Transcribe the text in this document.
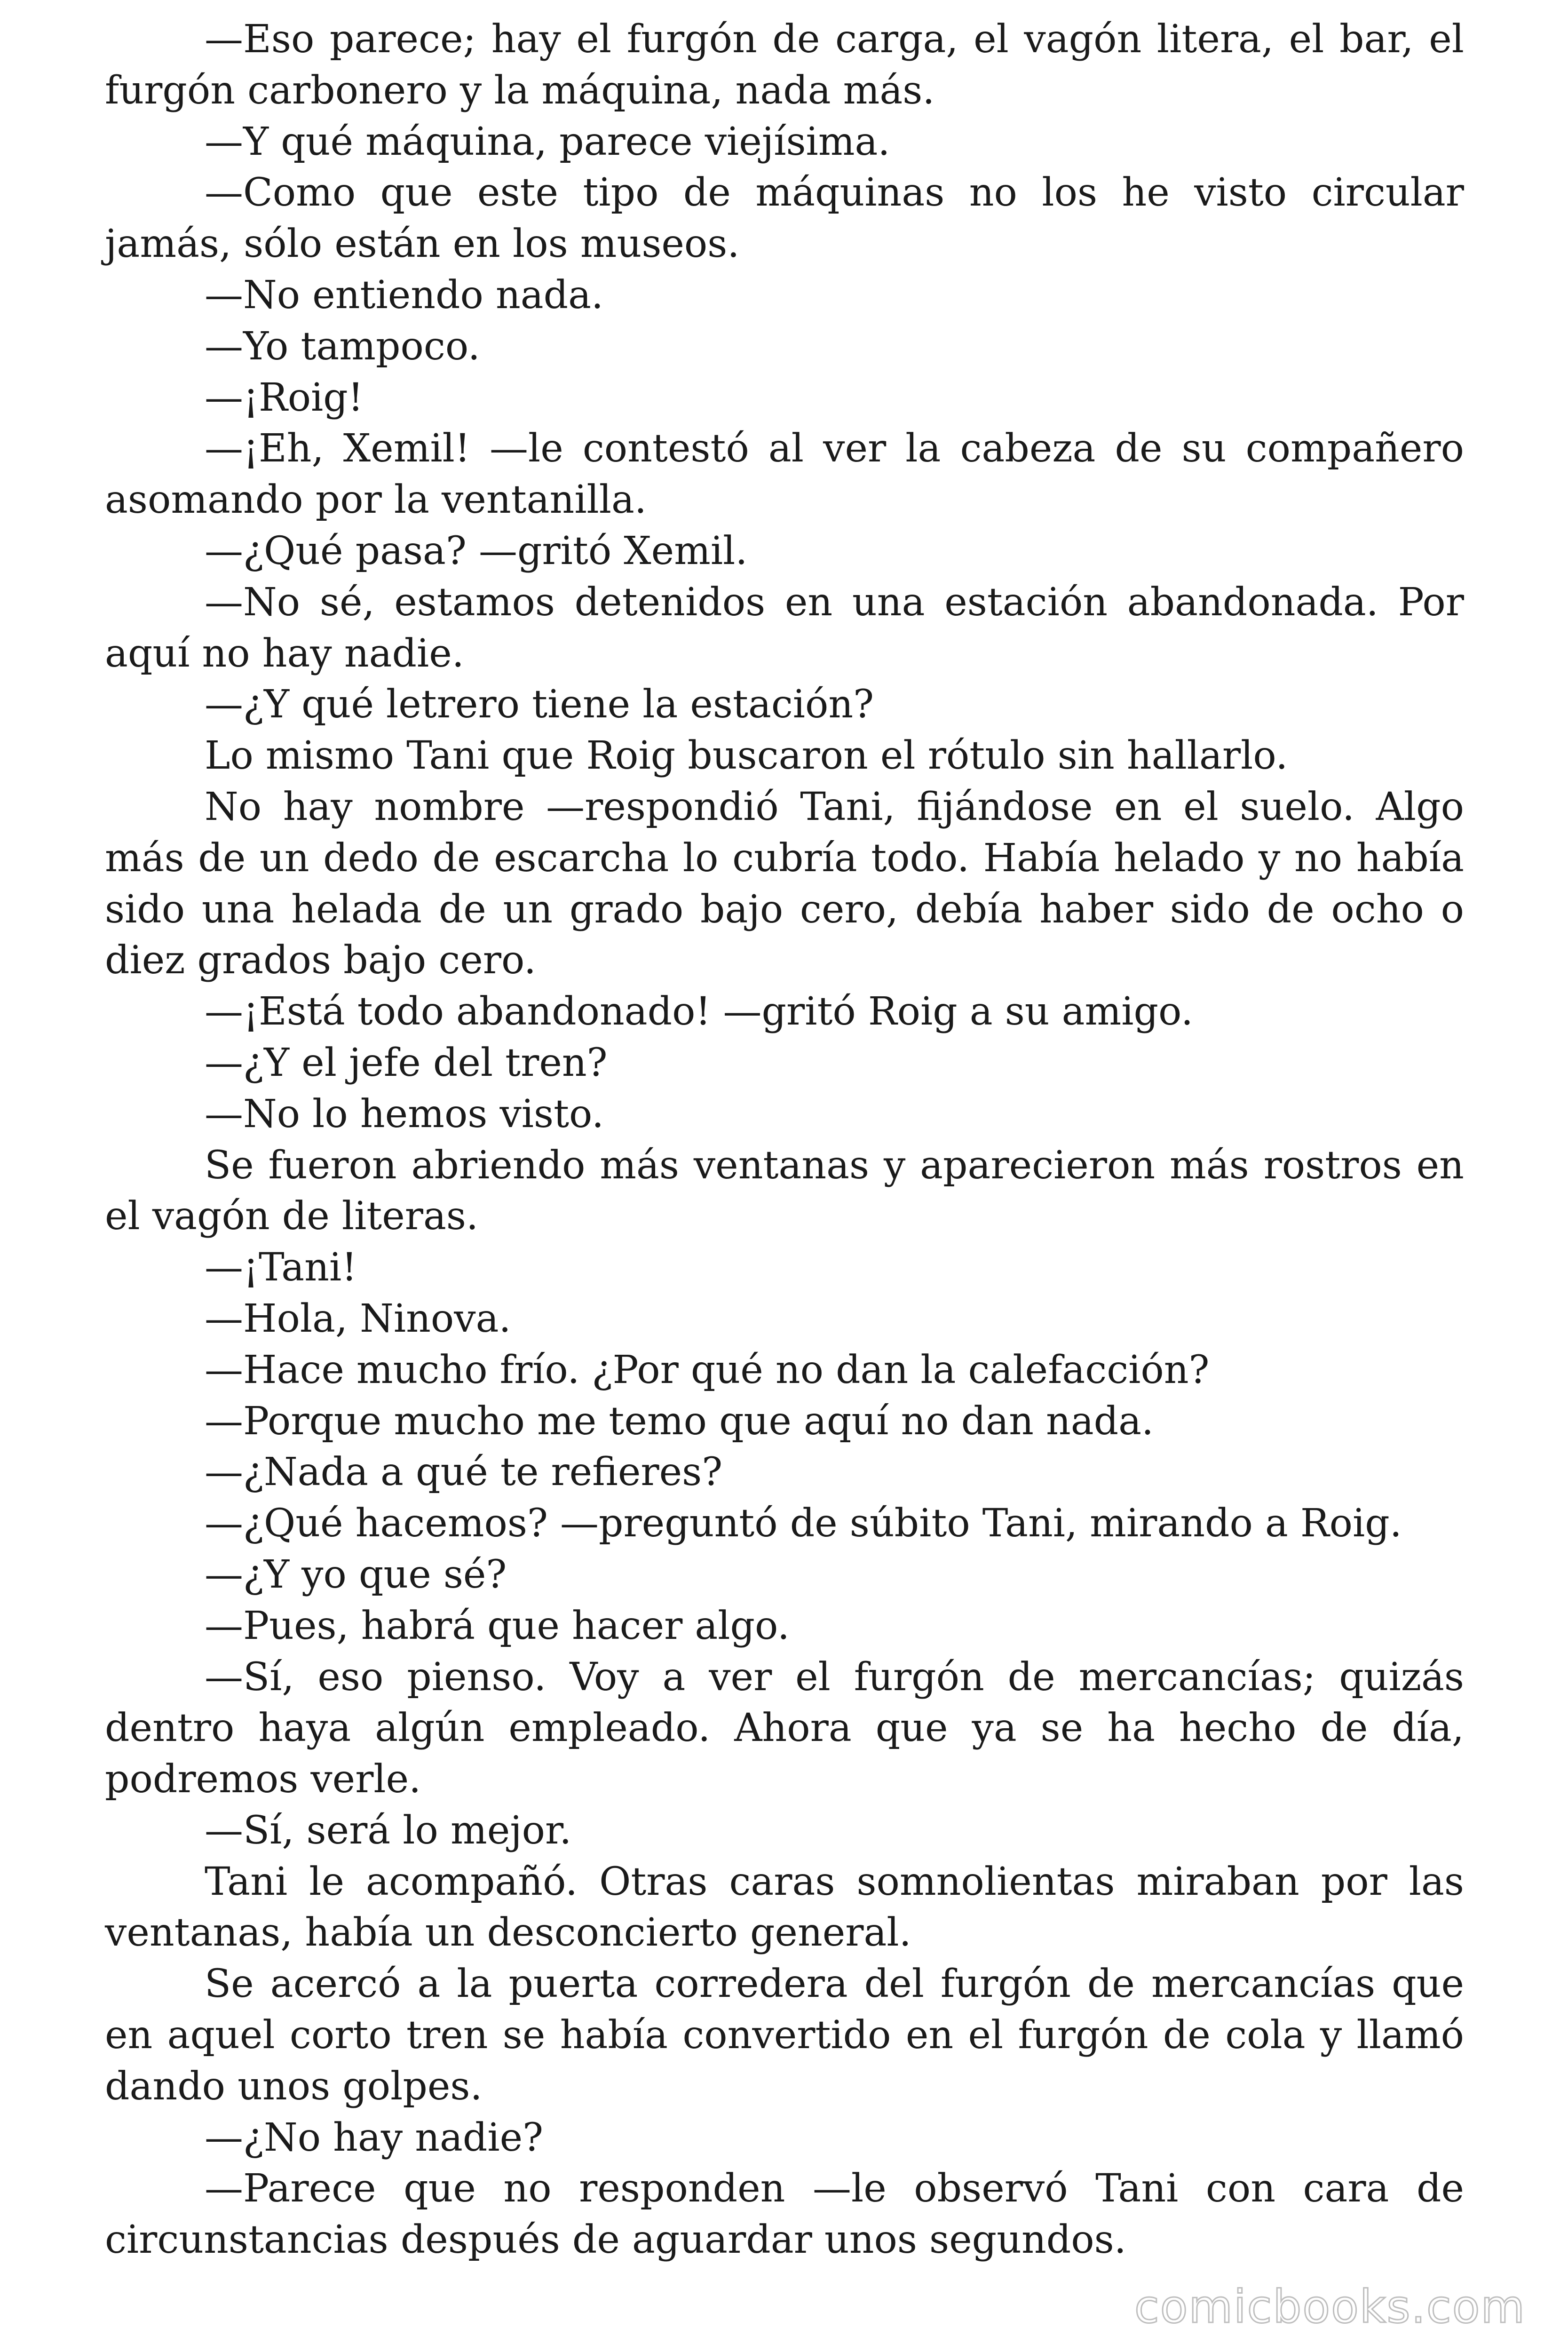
—Eso parece; hay el furgón de carga, el vagón litera, el bar, el furgón carbonero y la máquina, nada más.

—Y qué máquina, parece viejísima.

—Como que este tipo de máquinas no los he visto circular jamás, sólo están en los museos.

—No entiendo nada.

—Yo tampoco.

—¡Roig!

—¡Eh, Xemil! —le contestó al ver la cabeza de su compañero asomando por la ventanilla.

—¿Qué pasa? —gritó Xemil.

—No sé, estamos detenidos en una estación abandonada. Por aquí no hay nadie.

—¿Y qué letrero tiene la estación?

Lo mismo Tani que Roig buscaron el rótulo sin hallarlo.

No hay nombre —respondió Tani, fijándose en el suelo. Algo más de un dedo de escarcha lo cubría todo. Había helado y no había sido una helada de un grado bajo cero, debía haber sido de ocho o diez grados bajo cero.

—¡Está todo abandonado! —gritó Roig a su amigo.

—¿Y el jefe del tren?

—No lo hemos visto.

Se fueron abriendo más ventanas y aparecieron más rostros en el vagón de literas.

—¡Tani!

—Hola, Ninova.

—Hace mucho frío. ¿Por qué no dan la calefacción?

—Porque mucho me temo que aquí no dan nada.

—¿Nada a qué te refieres?

—¿Qué hacemos? —preguntó de súbito Tani, mirando a Roig.

—¿Y yo que sé?

—Pues, habrá que hacer algo.

—Sí, eso pienso. Voy a ver el furgón de mercancías; quizás dentro haya algún empleado. Ahora que ya se ha hecho de día, podremos verle.

—Sí, será lo mejor.

Tani le acompañó. Otras caras somnolientas miraban por las ventanas, había un desconcierto general.

Se acercó a la puerta corredera del furgón de mercancías que en aquel corto tren se había convertido en el furgón de cola y llamó dando unos golpes.

—¿No hay nadie?

—Parece que no responden —le observó Tani con cara de circunstancias después de aguardar unos segundos.

comicbooks.com
